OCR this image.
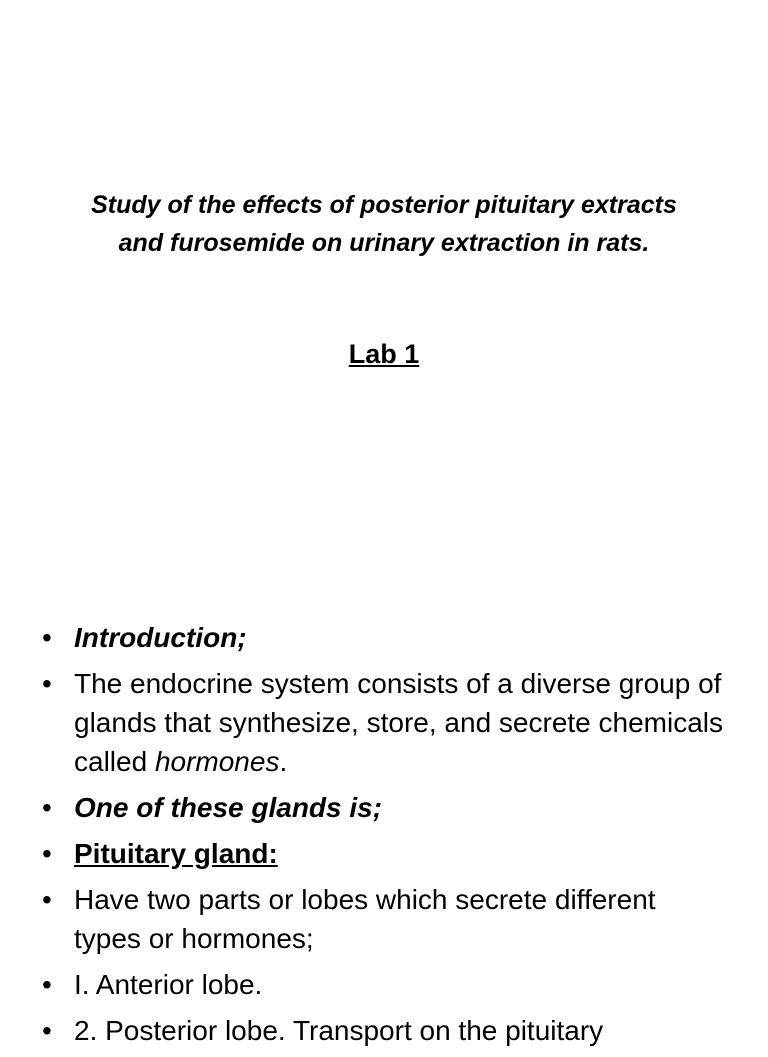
Study of the effects of posterior pituitary extracts
and furosemide on urinary extraction in rats.
Lab 1
• Introduction;
• The endocrine system consists of a diverse group of glands that synthesize, store, and secrete chemicals called hormones.
• One of these glands is;
• Pituitary gland:
• Have two parts or lobes which secrete different types or hormones;
• I. Anterior lobe.
• 2. Posterior lobe. Transport on the pituitary
